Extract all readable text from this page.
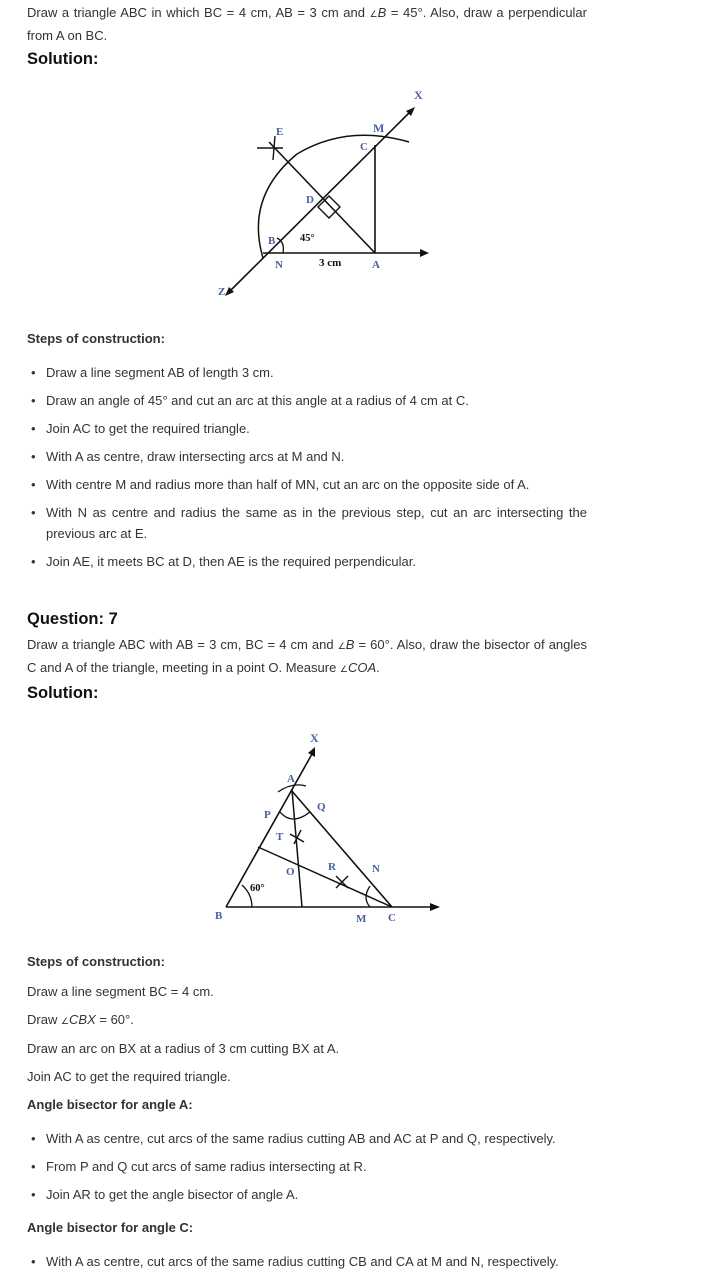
Draw a triangle ABC in which BC = 4 cm, AB = 3 cm and ∠B = 45°. Also, draw a perpendicular from A on BC.

Solution:

X
M
C
E
D
B 45°
N	3 cm	A
Z

Steps of construction:

• Draw a line segment AB of length 3 cm.
• Draw an angle of 45° and cut an arc at this angle at a radius of 4 cm at C.
• Join AC to get the required triangle.
• With A as centre, draw intersecting arcs at M and N.
• With centre M and radius more than half of MN, cut an arc on the opposite side of A.
• With N as centre and radius the same as in the previous step, cut an arc intersecting the previous arc at E.
• Join AE, it meets BC at D, then AE is the required perpendicular.

Question: 7

Draw a triangle ABC with AB = 3 cm, BC = 4 cm and ∠B = 60°. Also, draw the bisector of angles C and A of the triangle, meeting in a point O. Measure ∠COA.

Solution:

X
A
P
Q
T
O	R	N
60°
B	M C

Steps of construction:

Draw a line segment BC = 4 cm.

Draw ∠CBX = 60°.

Draw an arc on BX at a radius of 3 cm cutting BX at A.

Join AC to get the required triangle.

Angle bisector for angle A:

• With A as centre, cut arcs of the same radius cutting AB and AC at P and Q, respectively.
• From P and Q cut arcs of same radius intersecting at R.
• Join AR to get the angle bisector of angle A.

Angle bisector for angle C:

• With A as centre, cut arcs of the same radius cutting CB and CA at M and N, respectively.
